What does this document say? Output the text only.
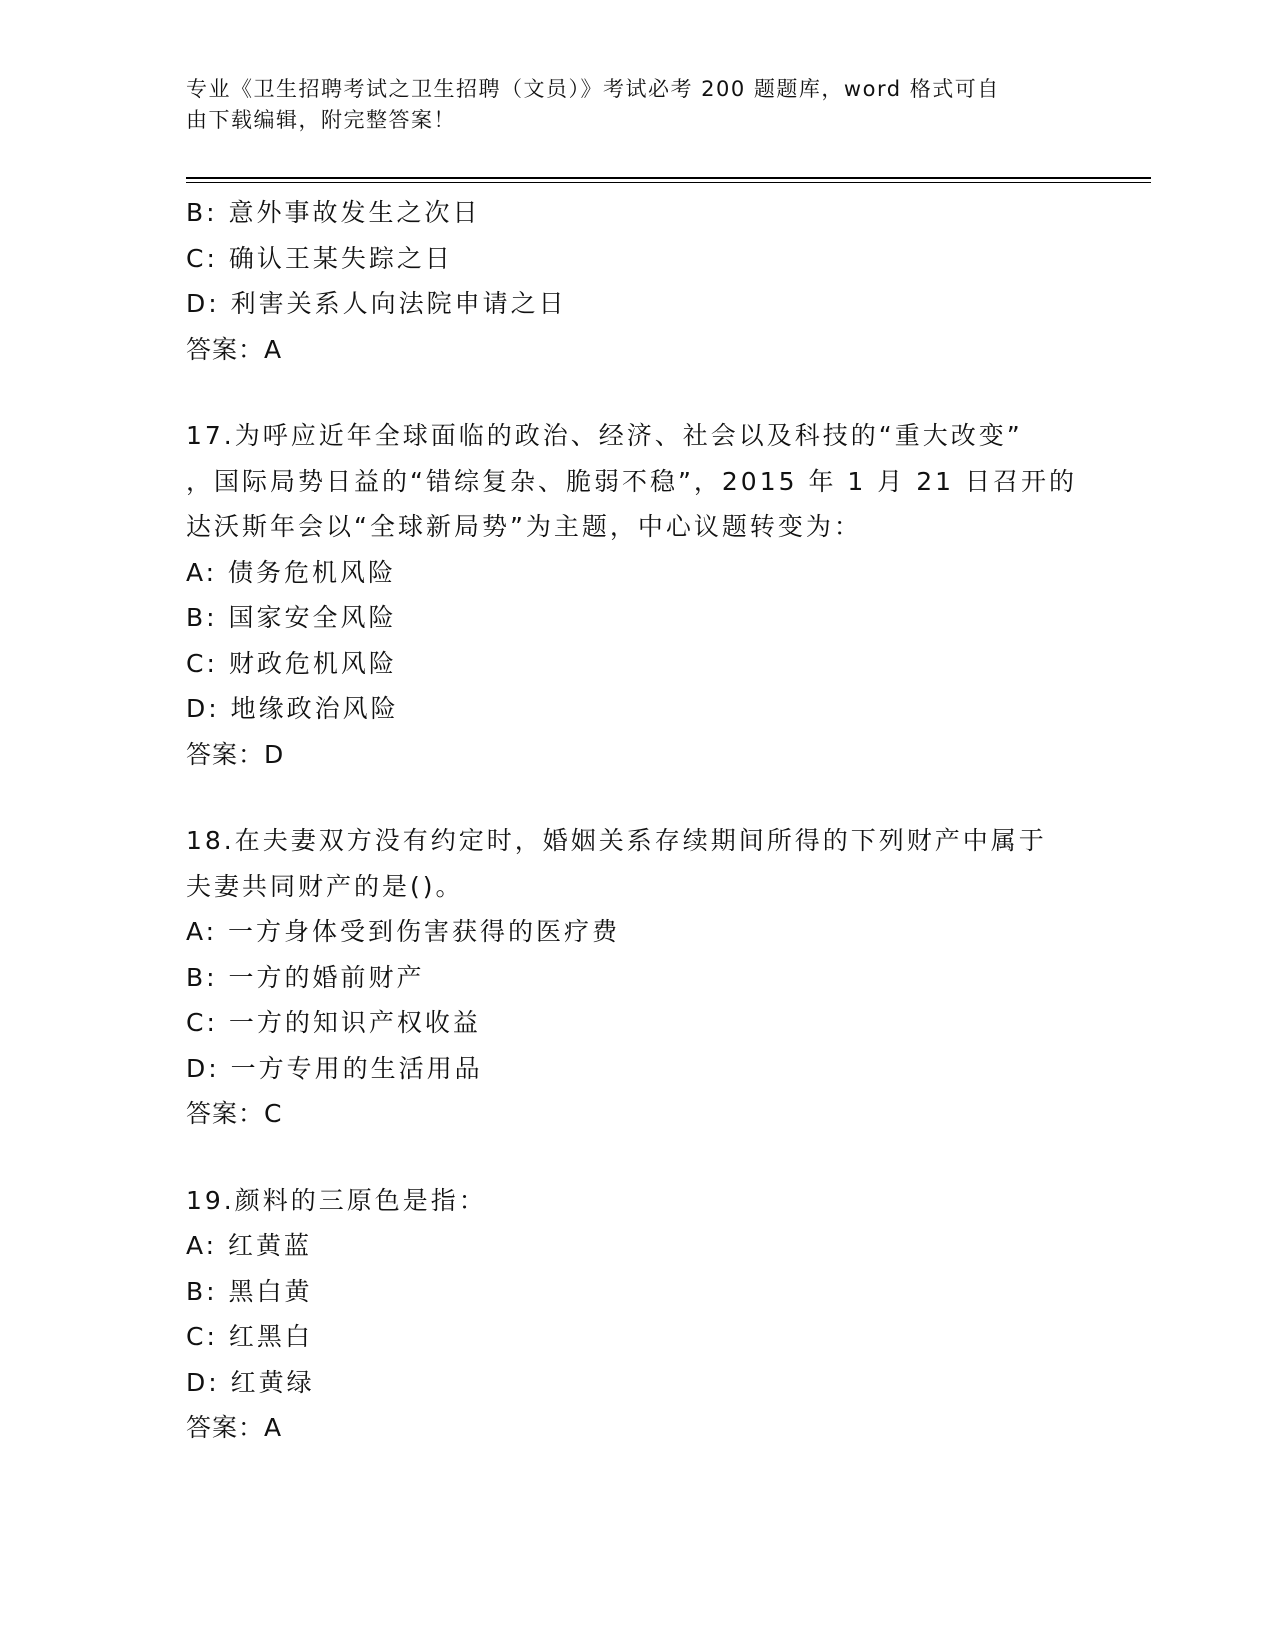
专业《卫生招聘考试之卫生招聘（文员）》考试必考 200 题题库，word 格式可自
由下载编辑，附完整答案！
B: 意外事故发生之次日
C: 确认王某失踪之日
D: 利害关系人向法院申请之日
答案：A
17.为呼应近年全球面临的政治、经济、社会以及科技的“重大改变”
，国际局势日益的“错综复杂、脆弱不稳”，2015 年 1 月 21 日召开的
达沃斯年会以“全球新局势”为主题，中心议题转变为：
A: 债务危机风险
B: 国家安全风险
C: 财政危机风险
D: 地缘政治风险
答案：D
18.在夫妻双方没有约定时，婚姻关系存续期间所得的下列财产中属于
夫妻共同财产的是()。
A: 一方身体受到伤害获得的医疗费
B: 一方的婚前财产
C: 一方的知识产权收益
D: 一方专用的生活用品
答案：C
19.颜料的三原色是指：
A: 红黄蓝
B: 黑白黄
C: 红黑白
D: 红黄绿
答案：A
